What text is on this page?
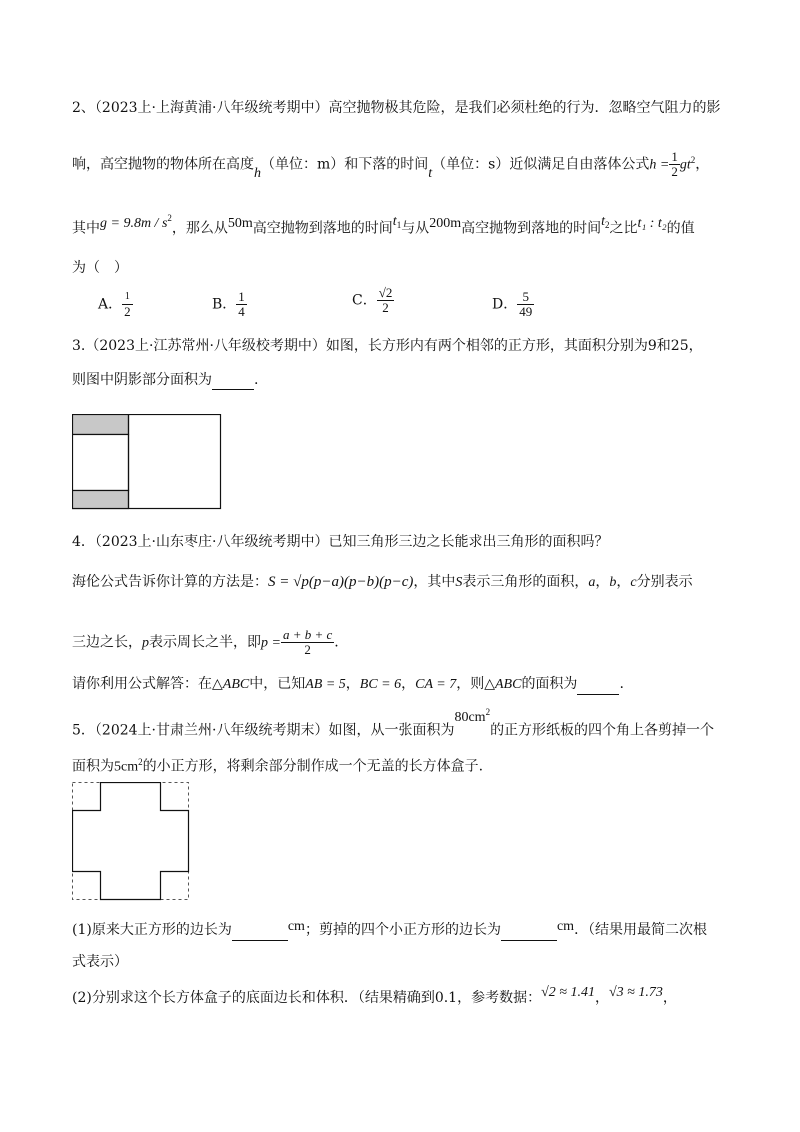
2、（2023上·上海黄浦·八年级统考期中）高空抛物极其危险，是我们必须杜绝的行为．忽略空气阻力的影
响，高空抛物的物体所在高度h（单位：m）和下落的时间t（单位：s）近似满足自由落体公式$h = \frac{1}{2} gt^2$，
其中$g = 9.8m / s^2$，那么从50m高空抛物到落地的时间$t_1$与从200m高空抛物到落地的时间$t_2$之比t₁ : t₂的值
为（　）
A． $\frac{1}{2}$	B． $\frac{1}{4}$	C． $\frac{√2}{2}$	D． $\frac{5}{49}$
3.（2023上·江苏常州·八年级校考期中）如图，长方形内有两个相邻的正方形，其面积分别为9和25，
则图中阴影部分面积为	.
4．（2023上·山东枣庄·八年级统考期中）已知三角形三边之长能求出三角形的面积吗？
海伦公式告诉你计算的方法是：S = √p(p−a)(p−b)(p−c)，其中S表示三角形的面积，a，b，c分别表示
三边之长，p表示周长之半，即$p = \frac{a + b + c}{2}$ .
请你利用公式解答：在△ABC中，已知AB = 5，BC = 6，CA = 7，则△ABC的面积为	.
5．（2024上·甘肃兰州·八年级统考期末）如图，从一张面积为$80cm^2$的正方形纸板的四个角上各剪掉一个
面积为$5cm^2$的小正方形，将剩余部分制作成一个无盖的长方体盒子.
(1)原来大正方形的边长为	cm；剪掉的四个小正方形的边长为	cm．（结果用最简二次根
式表示）
(2)分别求这个长方体盒子的底面边长和体积．（结果精确到0.1，参考数据：√2 ≈ 1.41，√3 ≈ 1.73，
